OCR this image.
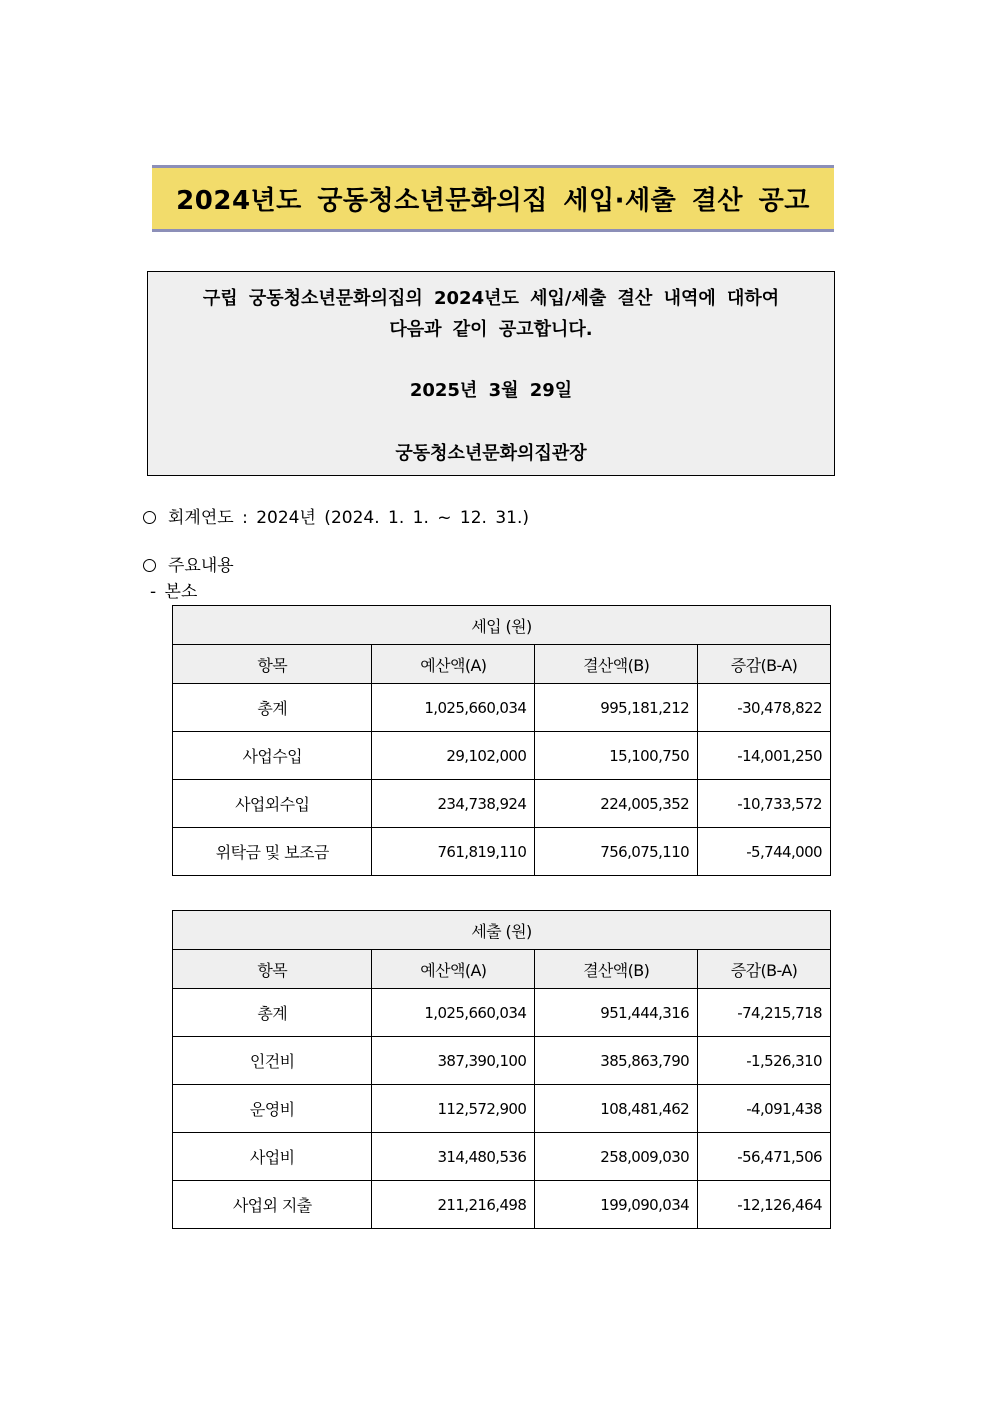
2024년도 궁동청소년문화의집 세입·세출 결산 공고
구립 궁동청소년문화의집의 2024년도 세입/세출 결산 내역에 대하여
다음과 같이 공고합니다.
2025년 3월 29일
궁동청소년문화의집관장
회계연도 : 2024년 (2024. 1. 1. ~ 12. 31.)
주요내용
- 본소
세입 (원)			
항목	예산액(A)	결산액(B)	증감(B-A)
총계	1,025,660,034	995,181,212	-30,478,822
사업수입	29,102,000	15,100,750	-14,001,250
사업외수입	234,738,924	224,005,352	-10,733,572
위탁금 및 보조금	761,819,110	756,075,110	-5,744,000
세출 (원)			
항목	예산액(A)	결산액(B)	증감(B-A)
총계	1,025,660,034	951,444,316	-74,215,718
인건비	387,390,100	385,863,790	-1,526,310
운영비	112,572,900	108,481,462	-4,091,438
사업비	314,480,536	258,009,030	-56,471,506
사업외 지출	211,216,498	199,090,034	-12,126,464
